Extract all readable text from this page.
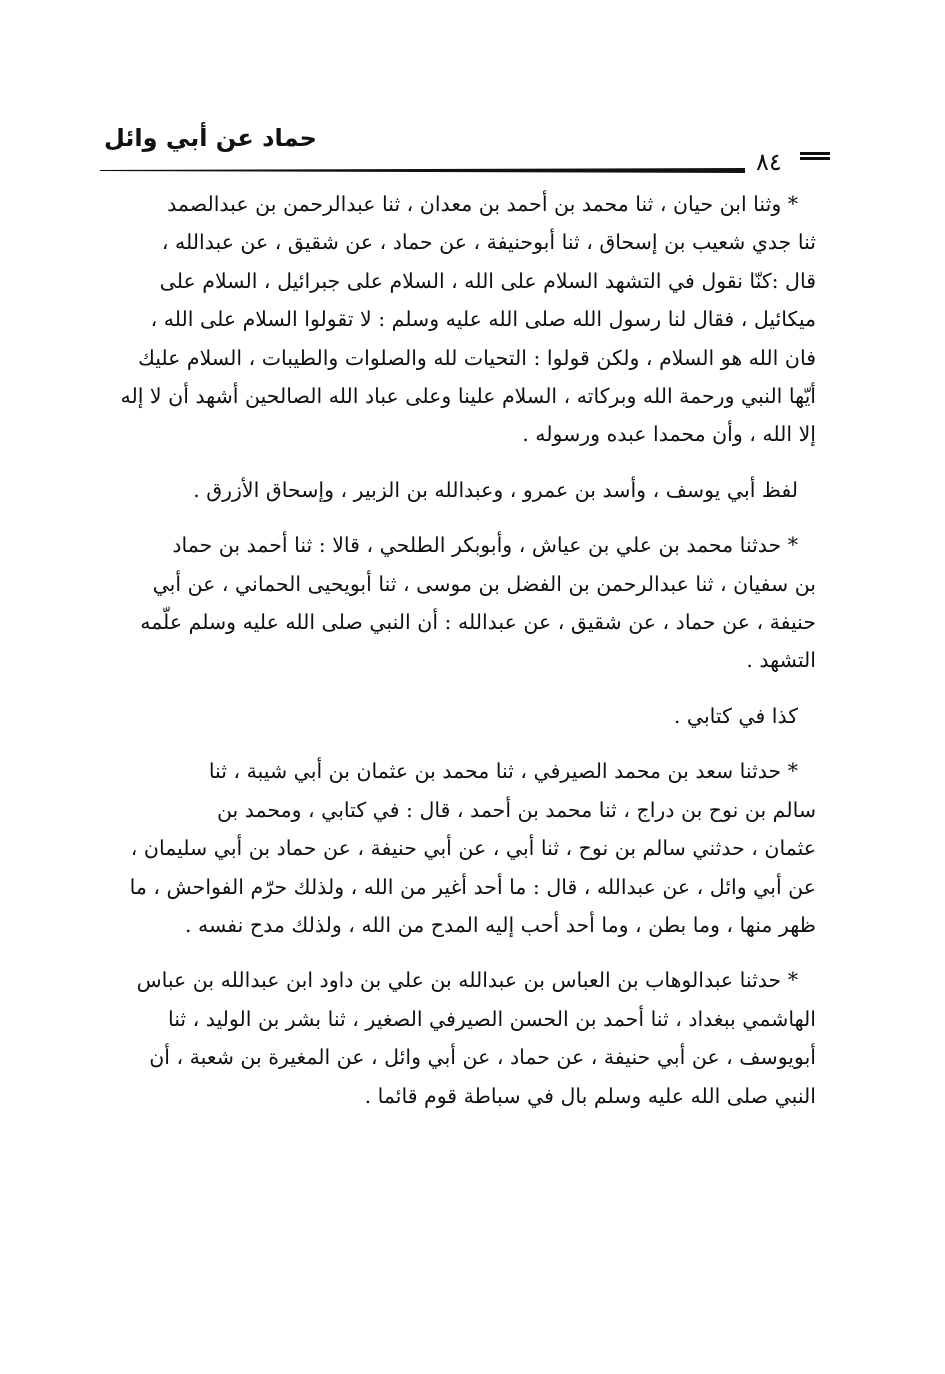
حماد عن أبي وائل
٨٤

* وثنا ابن حيان ، ثنا محمد بن أحمد بن معدان ، ثنا عبدالرحمن بن عبدالصمد
ثنا جدي شعيب بن إسحاق ، ثنا أبوحنيفة ، عن حماد ، عن شقيق ، عن عبدالله ،
قال :كنّا نقول في التشهد السلام على الله ، السلام على جبرائيل ، السلام على
ميكائيل ، فقال لنا رسول الله صلى الله عليه وسلم : لا تقولوا السلام على الله ،
فان الله هو السلام ، ولكن قولوا : التحيات لله والصلوات والطيبات ، السلام عليك
أيّها النبي ورحمة الله وبركاته ، السلام علينا وعلى عباد الله الصالحين أشهد أن لا إله
إلا الله ، وأن محمدا عبده ورسوله .

لفظ أبي يوسف ، وأسد بن عمرو ، وعبدالله بن الزبير ، وإسحاق الأزرق .

* حدثنا محمد بن علي بن عياش ، وأبوبكر الطلحي ، قالا : ثنا أحمد بن حماد
بن سفيان ، ثنا عبدالرحمن بن الفضل بن موسى ، ثنا أبويحيى الحماني ، عن أبي
حنيفة ، عن حماد ، عن شقيق ، عن عبدالله : أن النبي صلى الله عليه وسلم علّمه
التشهد .

كذا في كتابي .

* حدثنا سعد بن محمد الصيرفي ، ثنا محمد بن عثمان بن أبي شيبة ، ثنا
سالم بن نوح بن دراج ، ثنا محمد بن أحمد ، قال : في كتابي ، ومحمد بن
عثمان ، حدثني سالم بن نوح ، ثنا أبي ، عن أبي حنيفة ، عن حماد بن أبي سليمان ،
عن أبي وائل ، عن عبدالله ، قال : ما أحد أغير من الله ، ولذلك حرّم الفواحش ، ما
ظهر منها ، وما بطن ، وما أحد أحب إليه المدح من الله ، ولذلك مدح نفسه .

* حدثنا عبدالوهاب بن العباس بن عبدالله بن علي بن داود ابن عبدالله بن عباس
الهاشمي ببغداد ، ثنا أحمد بن الحسن الصيرفي الصغير ، ثنا بشر بن الوليد ، ثنا
أبويوسف ، عن أبي حنيفة ، عن حماد ، عن أبي وائل ، عن المغيرة بن شعبة ، أن
النبي صلى الله عليه وسلم بال في سباطة قوم قائما .
